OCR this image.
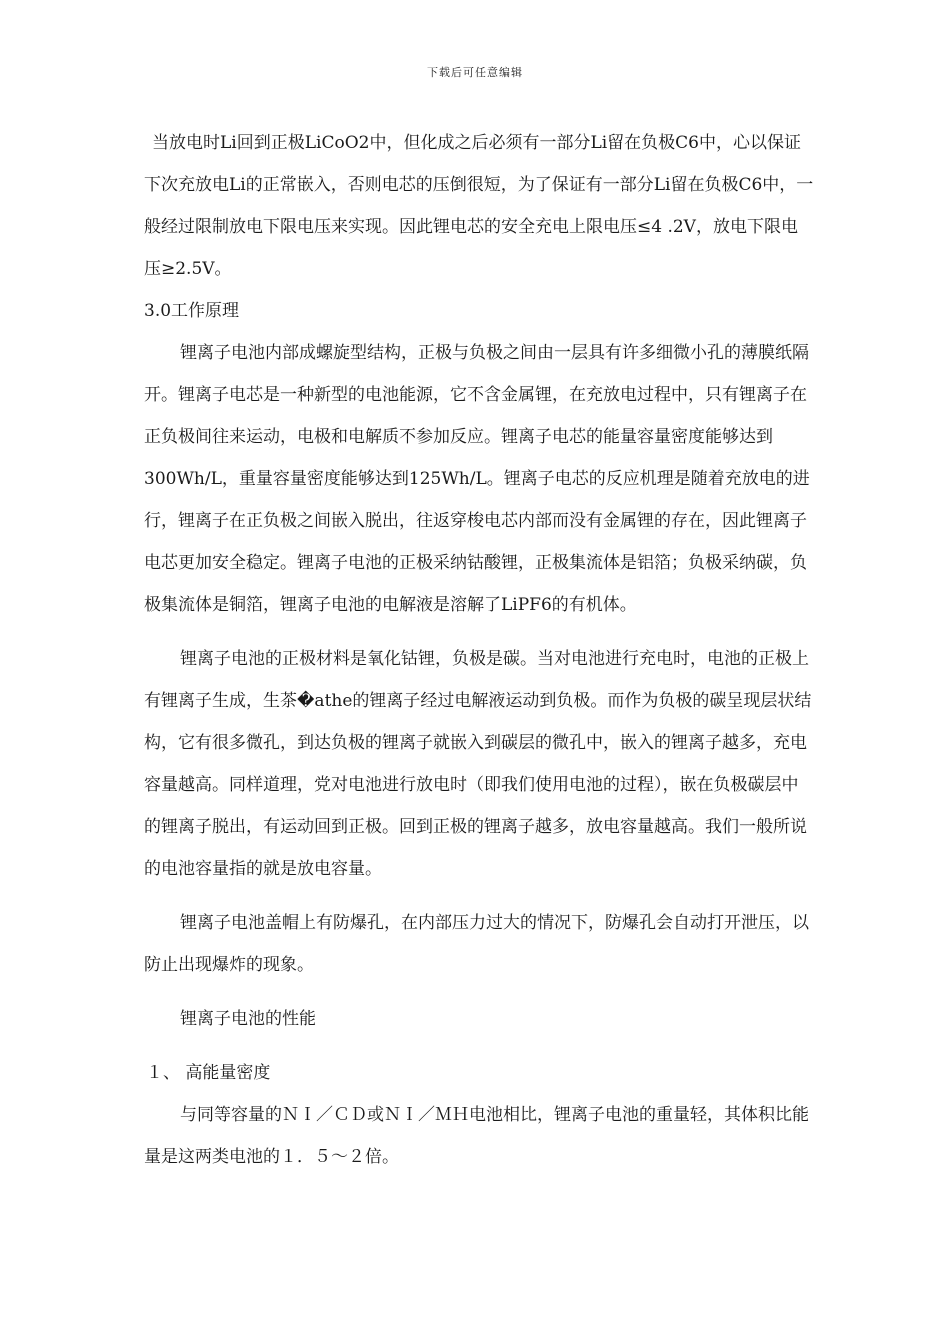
下载后可任意编辑

当放电时Li回到正极LiCoO2中，但化成之后必须有一部分Li留在负极C6中，心以保证下次充放电Li的正常嵌入，否则电芯的压倒很短，为了保证有一部分Li留在负极C6中，一般经过限制放电下限电压来实现。因此锂电芯的安全充电上限电压≤4 .2V，放电下限电压≥2.5V。

3.0工作原理

锂离子电池内部成螺旋型结构，正极与负极之间由一层具有许多细微小孔的薄膜纸隔开。锂离子电芯是一种新型的电池能源，它不含金属锂，在充放电过程中，只有锂离子在正负极间往来运动，电极和电解质不参加反应。锂离子电芯的能量容量密度能够达到300Wh/L，重量容量密度能够达到125Wh/L。锂离子电芯的反应机理是随着充放电的进行，锂离子在正负极之间嵌入脱出，往返穿梭电芯内部而没有金属锂的存在，因此锂离子电芯更加安全稳定。锂离子电池的正极采纳钴酸锂，正极集流体是铝箔；负极采纳碳，负极集流体是铜箔，锂离子电池的电解液是溶解了LiPF6的有机体。

锂离子电池的正极材料是氧化钴锂，负极是碳。当对电池进行充电时，电池的正极上有锂离子生成，生茶�athe的锂离子经过电解液运动到负极。而作为负极的碳呈现层状结构，它有很多微孔，到达负极的锂离子就嵌入到碳层的微孔中，嵌入的锂离子越多，充电容量越高。同样道理，党对电池进行放电时（即我们使用电池的过程），嵌在负极碳层中的锂离子脱出，有运动回到正极。回到正极的锂离子越多，放电容量越高。我们一般所说的电池容量指的就是放电容量。

锂离子电池盖帽上有防爆孔，在内部压力过大的情况下，防爆孔会自动打开泄压，以防止出现爆炸的现象。

锂离子电池的性能

１、 高能量密度

与同等容量的ＮＩ／ＣＤ或ＮＩ／ＭＨ电池相比，锂离子电池的重量轻，其体积比能量是这两类电池的１．５～２倍。
